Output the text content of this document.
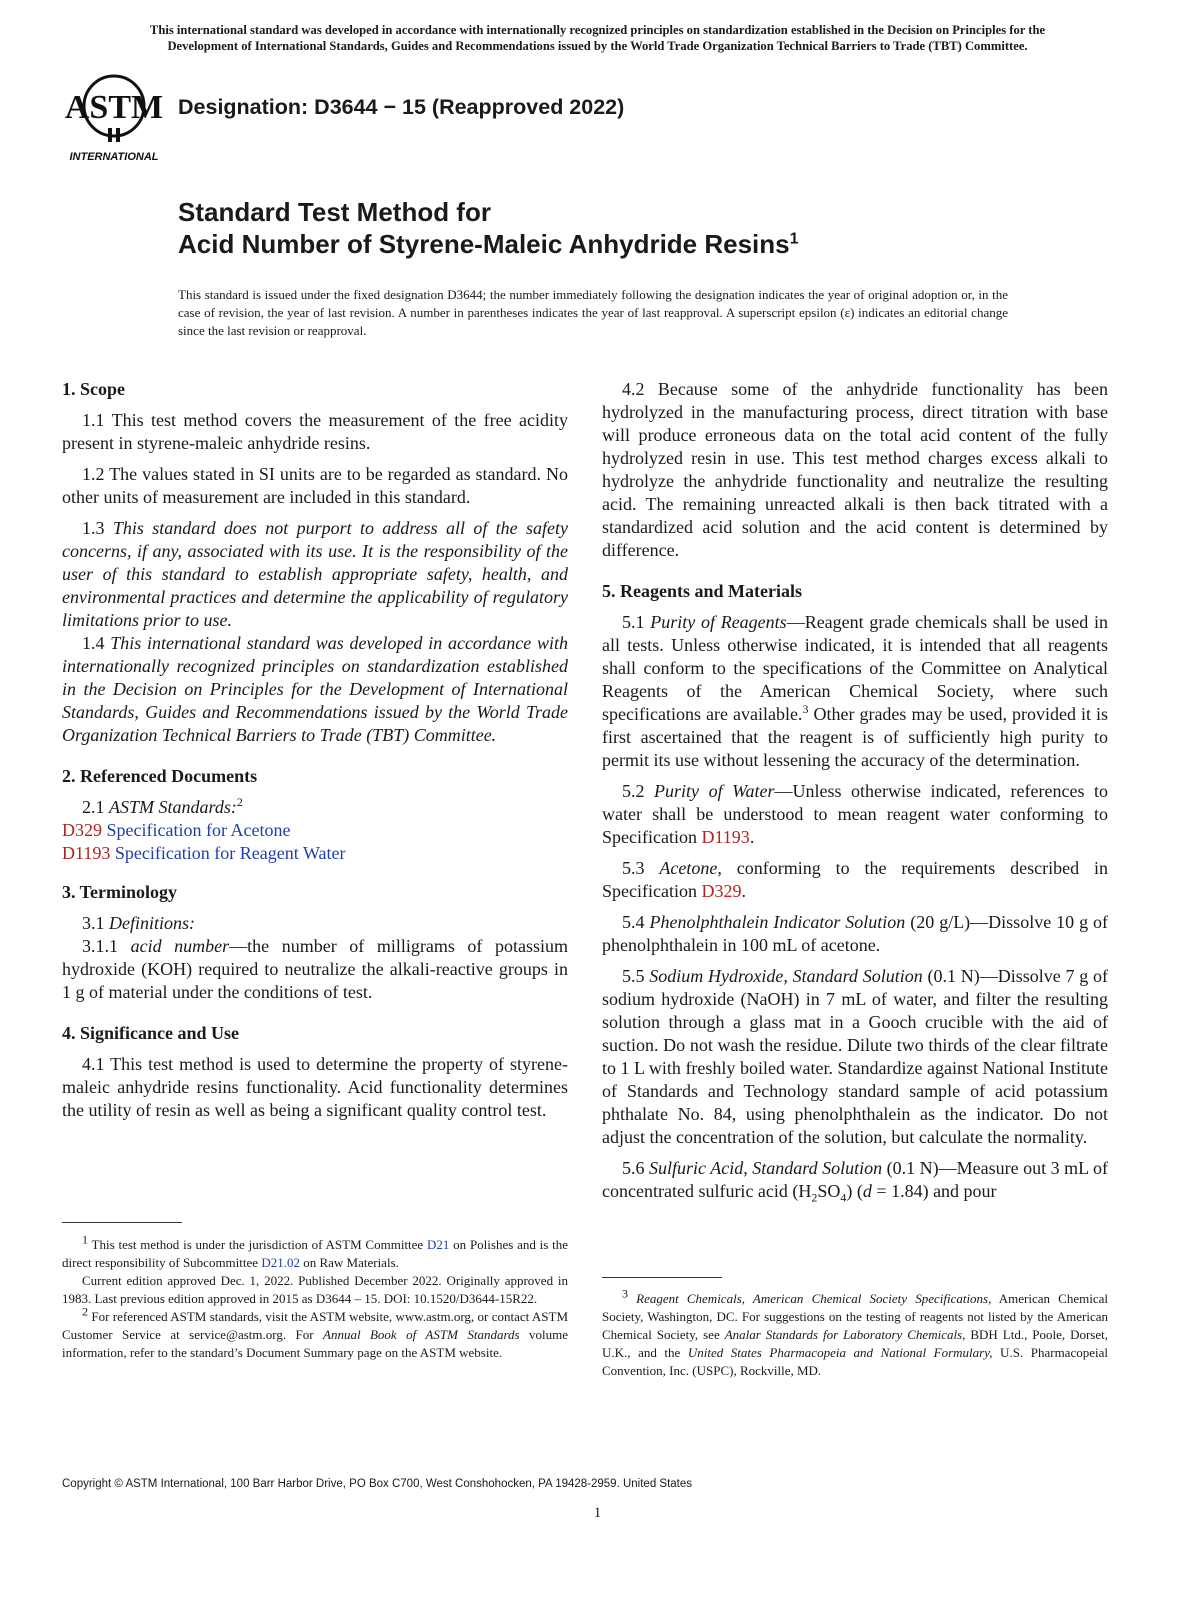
This international standard was developed in accordance with internationally recognized principles on standardization established in the Decision on Principles for the
Development of International Standards, Guides and Recommendations issued by the World Trade Organization Technical Barriers to Trade (TBT) Committee.
ASTM
INTERNATIONAL
Designation: D3644 − 15 (Reapproved 2022)
Standard Test Method for
Acid Number of Styrene-Maleic Anhydride Resins$^1$
This standard is issued under the fixed designation D3644; the number immediately following the designation indicates the year of original adoption or, in the case of revision, the year of last revision. A number in parentheses indicates the year of last reapproval. A superscript epsilon (ε) indicates an editorial change since the last revision or reapproval.
1. Scope

1.1 This test method covers the measurement of the free acidity present in styrene-maleic anhydride resins.

1.2 The values stated in SI units are to be regarded as standard. No other units of measurement are included in this standard.

1.3 This standard does not purport to address all of the safety concerns, if any, associated with its use. It is the responsibility of the user of this standard to establish appropriate safety, health, and environmental practices and determine the applicability of regulatory limitations prior to use.

1.4 This international standard was developed in accordance with internationally recognized principles on standardization established in the Decision on Principles for the Development of International Standards, Guides and Recommendations issued by the World Trade Organization Technical Barriers to Trade (TBT) Committee.

2. Referenced Documents

2.1 ASTM Standards:$^2$

D329 Specification for Acetone
D1193 Specification for Reagent Water
3. Terminology

3.1 Definitions:

3.1.1 acid number—the number of milligrams of potassium hydroxide (KOH) required to neutralize the alkali-reactive groups in 1 g of material under the conditions of test.

4. Significance and Use

4.1 This test method is used to determine the property of styrene-maleic anhydride resins functionality. Acid functionality determines the utility of resin as well as being a significant quality control test.

$^1$ This test method is under the jurisdiction of ASTM Committee D21 on Polishes and is the direct responsibility of Subcommittee D21.02 on Raw Materials.

Current edition approved Dec. 1, 2022. Published December 2022. Originally approved in 1983. Last previous edition approved in 2015 as D3644 – 15. DOI: 10.1520/D3644-15R22.

$^2$ For referenced ASTM standards, visit the ASTM website, www.astm.org, or contact ASTM Customer Service at service@astm.org. For Annual Book of ASTM Standards volume information, refer to the standard’s Document Summary page on the ASTM website.

4.2 Because some of the anhydride functionality has been hydrolyzed in the manufacturing process, direct titration with base will produce erroneous data on the total acid content of the fully hydrolyzed resin in use. This test method charges excess alkali to hydrolyze the anhydride functionality and neutralize the resulting acid. The remaining unreacted alkali is then back titrated with a standardized acid solution and the acid content is determined by difference.

5. Reagents and Materials

5.1 Purity of Reagents—Reagent grade chemicals shall be used in all tests. Unless otherwise indicated, it is intended that all reagents shall conform to the specifications of the Committee on Analytical Reagents of the American Chemical Society, where such specifications are available.$^3$ Other grades may be used, provided it is first ascertained that the reagent is of sufficiently high purity to permit its use without lessening the accuracy of the determination.

5.2 Purity of Water—Unless otherwise indicated, references to water shall be understood to mean reagent water conforming to Specification D1193.

5.3 Acetone, conforming to the requirements described in Specification D329.

5.4 Phenolphthalein Indicator Solution (20 g/L)—Dissolve 10 g of phenolphthalein in 100 mL of acetone.

5.5 Sodium Hydroxide, Standard Solution (0.1 N)—Dissolve 7 g of sodium hydroxide (NaOH) in 7 mL of water, and filter the resulting solution through a glass mat in a Gooch crucible with the aid of suction. Do not wash the residue. Dilute two thirds of the clear filtrate to 1 L with freshly boiled water. Standardize against National Institute of Standards and Technology standard sample of acid potassium phthalate No. 84, using phenolphthalein as the indicator. Do not adjust the concentration of the solution, but calculate the normality.

5.6 Sulfuric Acid, Standard Solution (0.1 N)—Measure out 3 mL of concentrated sulfuric acid $(H_2SO_4) (d = 1.84)$ and pour

$^3$ Reagent Chemicals, American Chemical Society Specifications, American Chemical Society, Washington, DC. For suggestions on the testing of reagents not listed by the American Chemical Society, see Analar Standards for Laboratory Chemicals, BDH Ltd., Poole, Dorset, U.K., and the United States Pharmacopeia and National Formulary, U.S. Pharmacopeial Convention, Inc. (USPC), Rockville, MD.

Copyright © ASTM International, 100 Barr Harbor Drive, PO Box C700, West Conshohocken, PA 19428-2959. United States
1
